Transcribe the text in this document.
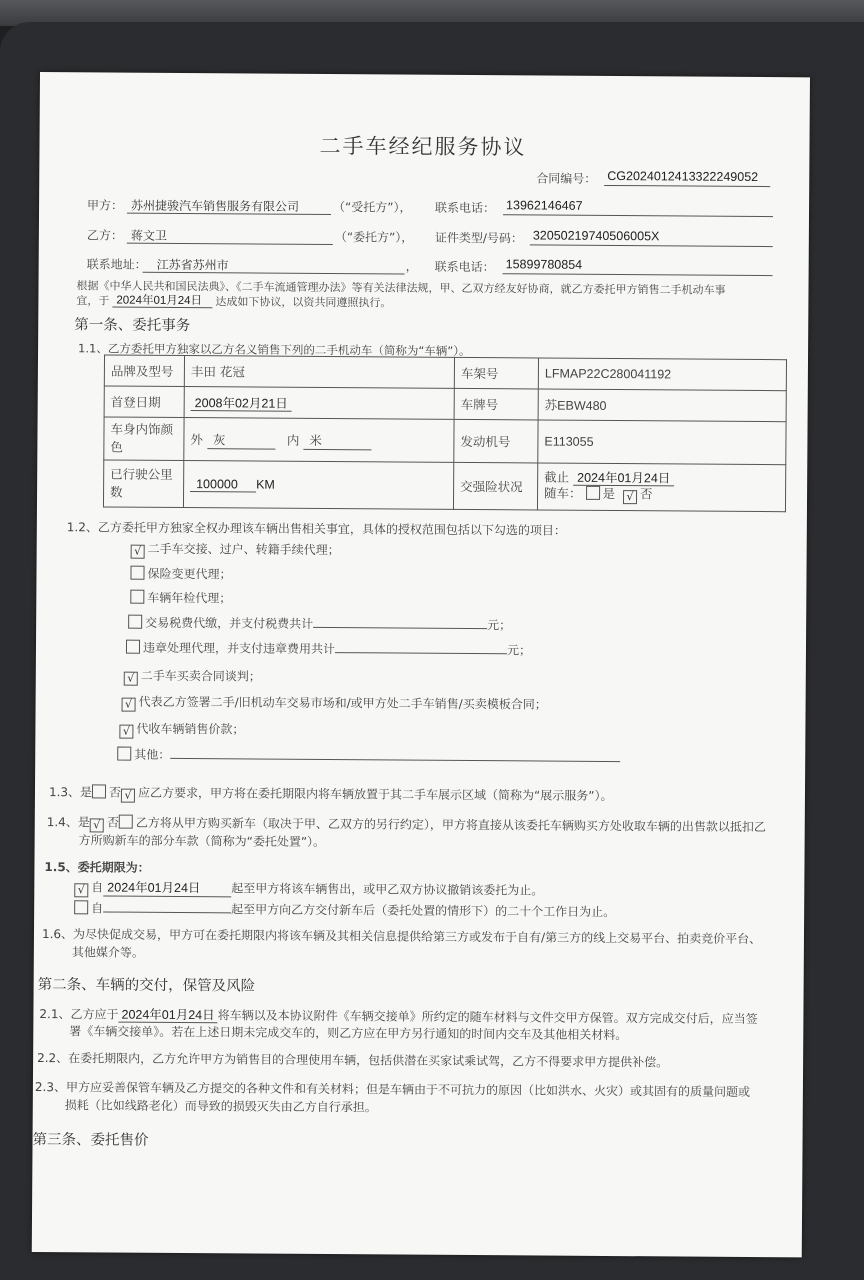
二手车经纪服务协议
合同编号： CG2024012413322249052
甲方： 苏州捷骏汽车销售服务有限公司	（“受托方”）， 联系电话： 13962146467
乙方： 蒋文卫	（“委托方”）， 证件类型/号码： 32050219740506005X
联系地址： 江苏省苏州市	， 联系电话： 15899780854
根据《中华人民共和国民法典》、《二手车流通管理办法》等有关法律法规，甲、乙双方经友好协商，就乙方委托甲方销售二手机动车事
宜，于 2024年01月24日 达成如下协议，以资共同遵照执行。
第一条、委托事务
1.1、乙方委托甲方独家以乙方名义销售下列的二手机动车（简称为“车辆”）。
品牌及型号	丰田 花冠	车架号	LFMAP22C280041192
首登日期	2008年02月21日	车牌号	苏EBW480
车身内饰颜色	外 灰 内 米	发动机号	E113055
已行驶公里数	100000 KM	交强险状况	截止 2024年01月24日
随车： 是 √ 否
1.2、乙方委托甲方独家全权办理该车辆出售相关事宜，具体的授权范围包括以下勾选的项目：
√ 二手车交接、过户、转籍手续代理；
保险变更代理；
车辆年检代理；
交易税费代缴，并支付税费共计	元；
违章处理代理，并支付违章费用共计	元；
√ 二手车买卖合同谈判；
√ 代表乙方签署二手/旧机动车交易市场和/或甲方处二手车销售/买卖模板合同；
√ 代收车辆销售价款；
其他：
1.3、是 否 √ 应乙方要求，甲方将在委托期限内将车辆放置于其二手车展示区域（简称为“展示服务”）。
1.4、是 √ 否 乙方将从甲方购买新车（取决于甲、乙双方的另行约定），甲方将直接从该委托车辆购买方处收取车辆的出售款以抵扣乙
方所购新车的部分车款（简称为“委托处置”）。
1.5、委托期限为：
√ 自 2024年01月24日	起至甲方将该车辆售出，或甲乙双方协议撤销该委托为止。
自	起至甲方向乙方交付新车后（委托处置的情形下）的二十个工作日为止。
1.6、为尽快促成交易，甲方可在委托期限内将该车辆及其相关信息提供给第三方或发布于自有/第三方的线上交易平台、拍卖竞价平台、
其他媒介等。
第二条、车辆的交付，保管及风险
2.1、乙方应于 2024年01月24日 将车辆以及本协议附件《车辆交接单》所约定的随车材料与文件交甲方保管。双方完成交付后，应当签
署《车辆交接单》。若在上述日期未完成交车的，则乙方应在甲方另行通知的时间内交车及其他相关材料。
2.2、在委托期限内，乙方允许甲方为销售目的合理使用车辆，包括供潜在买家试乘试驾，乙方不得要求甲方提供补偿。
2.3、甲方应妥善保管车辆及乙方提交的各种文件和有关材料；但是车辆由于不可抗力的原因（比如洪水、火灾）或其固有的质量问题或
损耗（比如线路老化）而导致的损毁灭失由乙方自行承担。
第三条、委托售价
